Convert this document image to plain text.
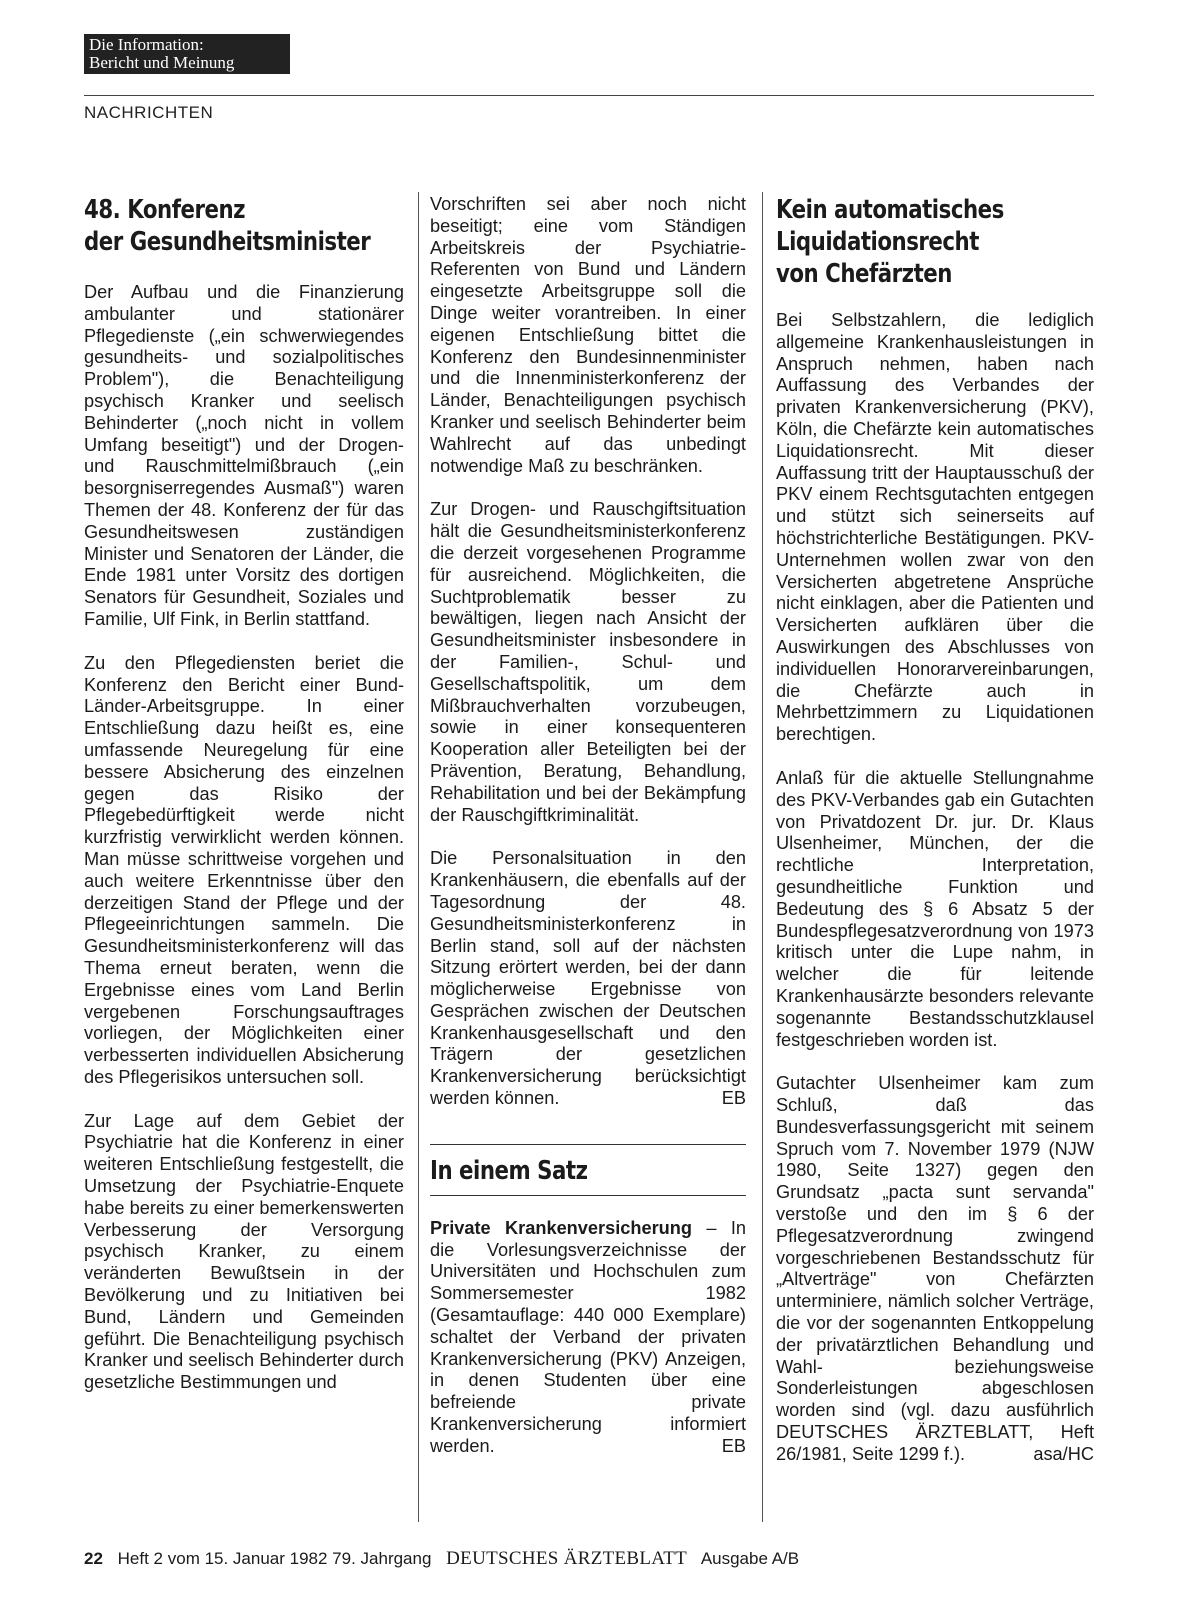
Die Information:
Bericht und Meinung
NACHRICHTEN
48. Konferenz
der Gesundheitsminister

Der Aufbau und die Finanzierung ambulanter und stationärer Pflegedienste („ein schwerwiegendes gesundheits- und sozialpolitisches Problem"), die Benachteiligung psychisch Kranker und seelisch Behinderter („noch nicht in vollem Umfang beseitigt") und der Drogen- und Rauschmittelmißbrauch („ein besorgniserregendes Ausmaß") waren Themen der 48. Konferenz der für das Gesundheitswesen zuständigen Minister und Senatoren der Länder, die Ende 1981 unter Vorsitz des dortigen Senators für Gesundheit, Soziales und Familie, Ulf Fink, in Berlin stattfand.

Zu den Pflegediensten beriet die Konferenz den Bericht einer Bund-Länder-Arbeitsgruppe. In einer Entschließung dazu heißt es, eine umfassende Neuregelung für eine bessere Absicherung des einzelnen gegen das Risiko der Pflegebedürftigkeit werde nicht kurzfristig verwirklicht werden können. Man müsse schrittweise vorgehen und auch weitere Erkenntnisse über den derzeitigen Stand der Pflege und der Pflegeeinrichtungen sammeln. Die Gesundheitsministerkonferenz will das Thema erneut beraten, wenn die Ergebnisse eines vom Land Berlin vergebenen Forschungsauftrages vorliegen, der Möglichkeiten einer verbesserten individuellen Absicherung des Pflegerisikos untersuchen soll.

Zur Lage auf dem Gebiet der Psychiatrie hat die Konferenz in einer weiteren Entschließung festgestellt, die Umsetzung der Psychiatrie-Enquete habe bereits zu einer bemerkenswerten Verbesserung der Versorgung psychisch Kranker, zu einem veränderten Bewußtsein in der Bevölkerung und zu Initiativen bei Bund, Ländern und Gemeinden geführt. Die Benachteiligung psychisch Kranker und seelisch Behinderter durch gesetzliche Bestimmungen und

Vorschriften sei aber noch nicht beseitigt; eine vom Ständigen Arbeitskreis der Psychiatrie-Referenten von Bund und Ländern eingesetzte Arbeitsgruppe soll die Dinge weiter vorantreiben. In einer eigenen Entschließung bittet die Konferenz den Bundesinnenminister und die Innenministerkonferenz der Länder, Benachteiligungen psychisch Kranker und seelisch Behinderter beim Wahlrecht auf das unbedingt notwendige Maß zu beschränken.

Zur Drogen- und Rauschgiftsituation hält die Gesundheitsministerkonferenz die derzeit vorgesehenen Programme für ausreichend. Möglichkeiten, die Suchtproblematik besser zu bewältigen, liegen nach Ansicht der Gesundheitsminister insbesondere in der Familien-, Schul- und Gesellschaftspolitik, um dem Mißbrauchverhalten vorzubeugen, sowie in einer konsequenteren Kooperation aller Beteiligten bei der Prävention, Beratung, Behandlung, Rehabilitation und bei der Bekämpfung der Rauschgiftkriminalität.

Die Personalsituation in den Krankenhäusern, die ebenfalls auf der Tagesordnung der 48. Gesundheitsministerkonferenz in Berlin stand, soll auf der nächsten Sitzung erörtert werden, bei der dann möglicherweise Ergebnisse von Gesprächen zwischen der Deutschen Krankenhausgesellschaft und den Trägern der gesetzlichen Krankenversicherung berücksichtigt werden können.	EB

In einem Satz

Private Krankenversicherung – In die Vorlesungsverzeichnisse der Universitäten und Hochschulen zum Sommersemester 1982 (Gesamtauflage: 440 000 Exemplare) schaltet der Verband der privaten Krankenversicherung (PKV) Anzeigen, in denen Studenten über eine befreiende private Krankenversicherung informiert werden.	EB

Kein automatisches
Liquidationsrecht
von Chefärzten

Bei Selbstzahlern, die lediglich allgemeine Krankenhausleistungen in Anspruch nehmen, haben nach Auffassung des Verbandes der privaten Krankenversicherung (PKV), Köln, die Chefärzte kein automatisches Liquidationsrecht. Mit dieser Auffassung tritt der Hauptausschuß der PKV einem Rechtsgutachten entgegen und stützt sich seinerseits auf höchstrichterliche Bestätigungen. PKV-Unternehmen wollen zwar von den Versicherten abgetretene Ansprüche nicht einklagen, aber die Patienten und Versicherten aufklären über die Auswirkungen des Abschlusses von individuellen Honorarvereinbarungen, die Chefärzte auch in Mehrbettzimmern zu Liquidationen berechtigen.

Anlaß für die aktuelle Stellungnahme des PKV-Verbandes gab ein Gutachten von Privatdozent Dr. jur. Dr. Klaus Ulsenheimer, München, der die rechtliche Interpretation, gesundheitliche Funktion und Bedeutung des § 6 Absatz 5 der Bundespflegesatzverordnung von 1973 kritisch unter die Lupe nahm, in welcher die für leitende Krankenhausärzte besonders relevante sogenannte Bestandsschutzklausel festgeschrieben worden ist.

Gutachter Ulsenheimer kam zum Schluß, daß das Bundesverfassungsgericht mit seinem Spruch vom 7. November 1979 (NJW 1980, Seite 1327) gegen den Grundsatz „pacta sunt servanda" verstoße und den im § 6 der Pflegesatzverordnung zwingend vorgeschriebenen Bestandsschutz für „Altverträge" von Chefärzten unterminiere, nämlich solcher Verträge, die vor der sogenannten Entkoppelung der privatärztlichen Behandlung und Wahl- beziehungsweise Sonderleistungen abgeschlosen worden sind (vgl. dazu ausführlich DEUTSCHES ÄRZTEBLATT, Heft 26/1981, Seite 1299 f.).	asa/HC

22 Heft 2 vom 15. Januar 1982 79. Jahrgang DEUTSCHES ÄRZTEBLATT Ausgabe A/B
